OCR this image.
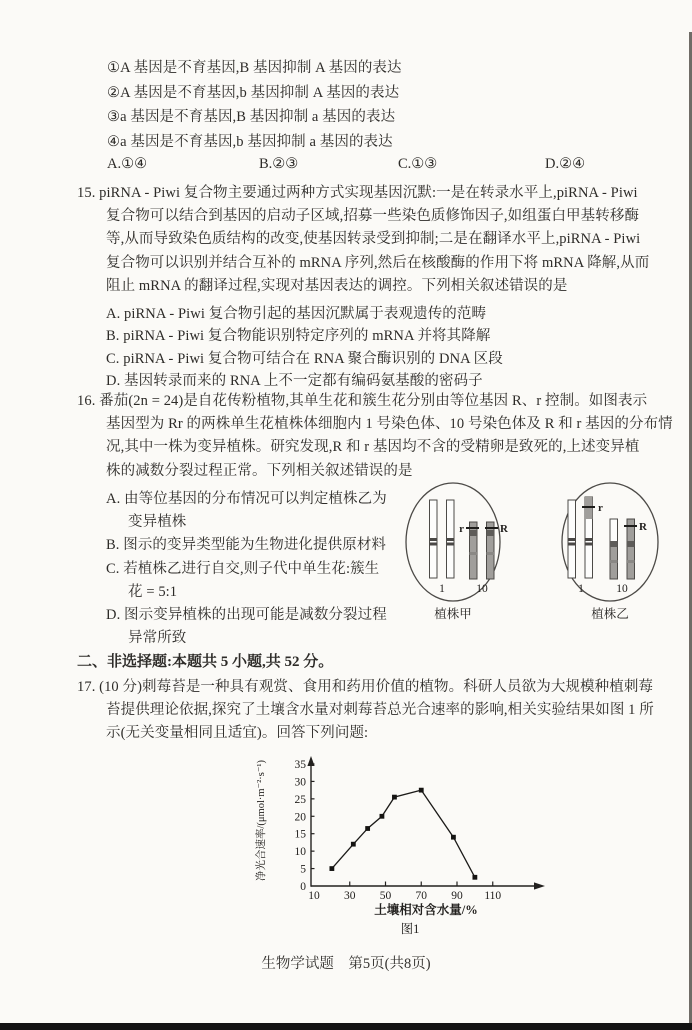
①A 基因是不育基因,B 基因抑制 A 基因的表达
②A 基因是不育基因,b 基因抑制 A 基因的表达
③a 基因是不育基因,B 基因抑制 a 基因的表达
④a 基因是不育基因,b 基因抑制 a 基因的表达
A.①④	B.②③	C.①③	D.②④
15. piRNA - Piwi 复合物主要通过两种方式实现基因沉默:一是在转录水平上,piRNA - Piwi
复合物可以结合到基因的启动子区域,招募一些染色质修饰因子,如组蛋白甲基转移酶
等,从而导致染色质结构的改变,使基因转录受到抑制;二是在翻译水平上,piRNA - Piwi
复合物可以识别并结合互补的 mRNA 序列,然后在核酸酶的作用下将 mRNA 降解,从而
阻止 mRNA 的翻译过程,实现对基因表达的调控。下列相关叙述错误的是
A. piRNA - Piwi 复合物引起的基因沉默属于表观遗传的范畴
B. piRNA - Piwi 复合物能识别特定序列的 mRNA 并将其降解
C. piRNA - Piwi 复合物可结合在 RNA 聚合酶识别的 DNA 区段
D. 基因转录而来的 RNA 上不一定都有编码氨基酸的密码子
16. 番茄(2n = 24)是自花传粉植物,其单生花和簇生花分别由等位基因 R、r 控制。如图表示
基因型为 Rr 的两株单生花植株体细胞内 1 号染色体、10 号染色体及 R 和 r 基因的分布情
况,其中一株为变异植株。研究发现,R 和 r 基因均不含的受精卵是致死的,上述变异植
株的减数分裂过程正常。下列相关叙述错误的是
A. 由等位基因的分布情况可以判定植株乙为
变异植株
B. 图示的变异类型能为生物进化提供原材料
C. 若植株乙进行自交,则子代中单生花:簇生
花 = 5:1
D. 图示变异植株的出现可能是减数分裂过程
异常所致
r	R
1	10
r
R
1	10
植株甲	植株乙
二、非选择题:本题共 5 小题,共 52 分。
17. (10 分)刺莓苔是一种具有观赏、食用和药用价值的植物。科研人员欲为大规模种植刺莓
苔提供理论依据,探究了土壤含水量对刺莓苔总光合速率的影响,相关实验结果如图 1 所
示(无关变量相同且适宜)。回答下列问题:
10 30 50 70 90 110
0
5
10
15
20
25
30
35
土壤相对含水量/%
净光合速率/(μmol·m⁻²·s⁻¹)
图1
生物学试题　第5页(共8页)
